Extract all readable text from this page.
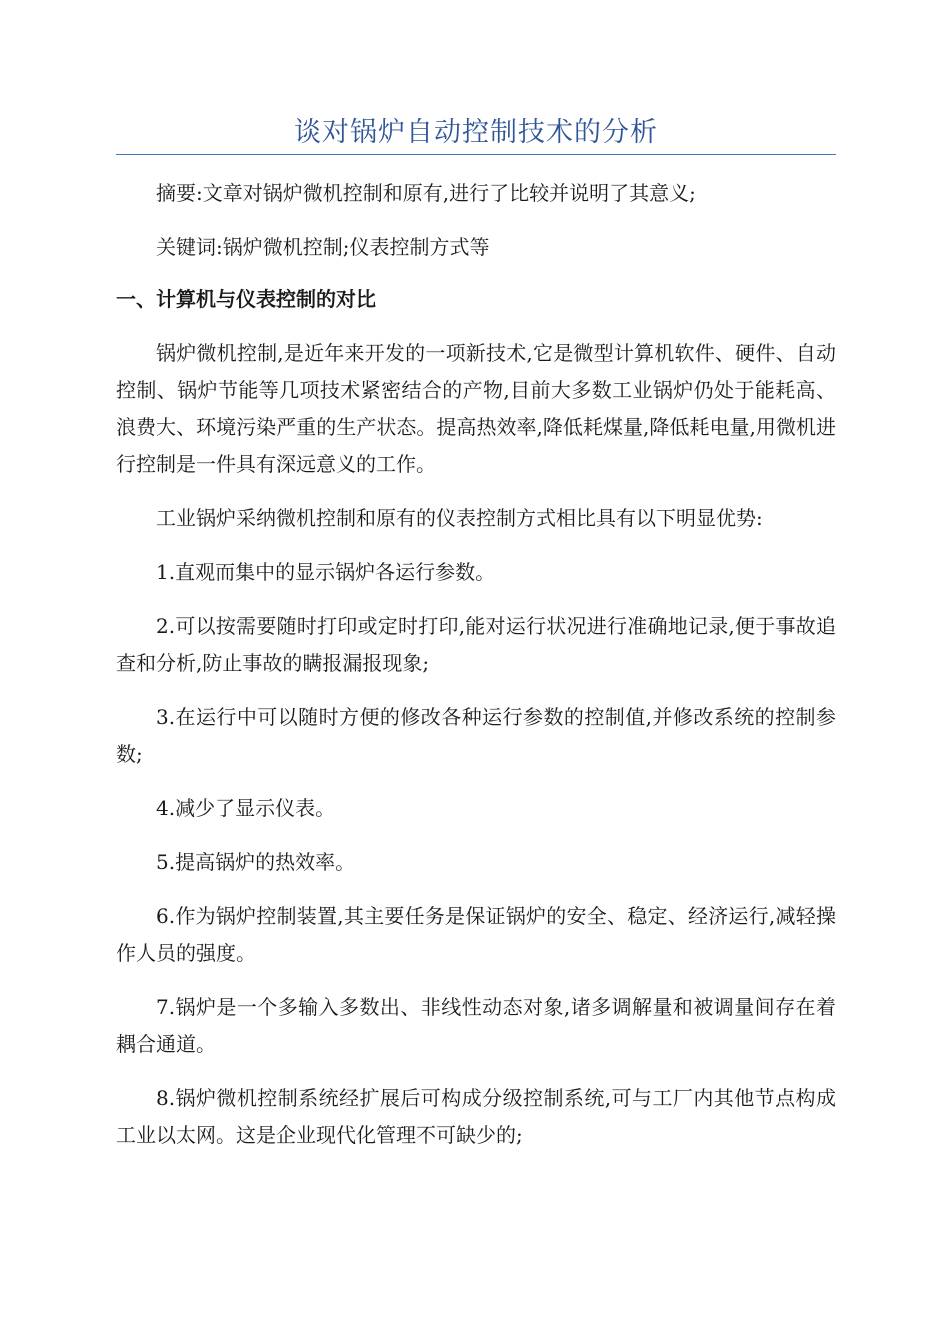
谈对锅炉自动控制技术的分析

摘要:文章对锅炉微机控制和原有,进行了比较并说明了其意义;

关键词:锅炉微机控制;仪表控制方式等

一、计算机与仪表控制的对比

锅炉微机控制,是近年来开发的一项新技术,它是微型计算机软件、硬件、自动控制、锅炉节能等几项技术紧密结合的产物,目前大多数工业锅炉仍处于能耗高、浪费大、环境污染严重的生产状态。提高热效率,降低耗煤量,降低耗电量,用微机进行控制是一件具有深远意义的工作。

工业锅炉采纳微机控制和原有的仪表控制方式相比具有以下明显优势:

1.直观而集中的显示锅炉各运行参数。

2.可以按需要随时打印或定时打印,能对运行状况进行准确地记录,便于事故追查和分析,防止事故的瞒报漏报现象;

3.在运行中可以随时方便的修改各种运行参数的控制值,并修改系统的控制参数;

4.减少了显示仪表。

5.提高锅炉的热效率。

6.作为锅炉控制装置,其主要任务是保证锅炉的安全、稳定、经济运行,减轻操作人员的强度。

7.锅炉是一个多输入多数出、非线性动态对象,诸多调解量和被调量间存在着耦合通道。

8.锅炉微机控制系统经扩展后可构成分级控制系统,可与工厂内其他节点构成工业以太网。这是企业现代化管理不可缺少的;
